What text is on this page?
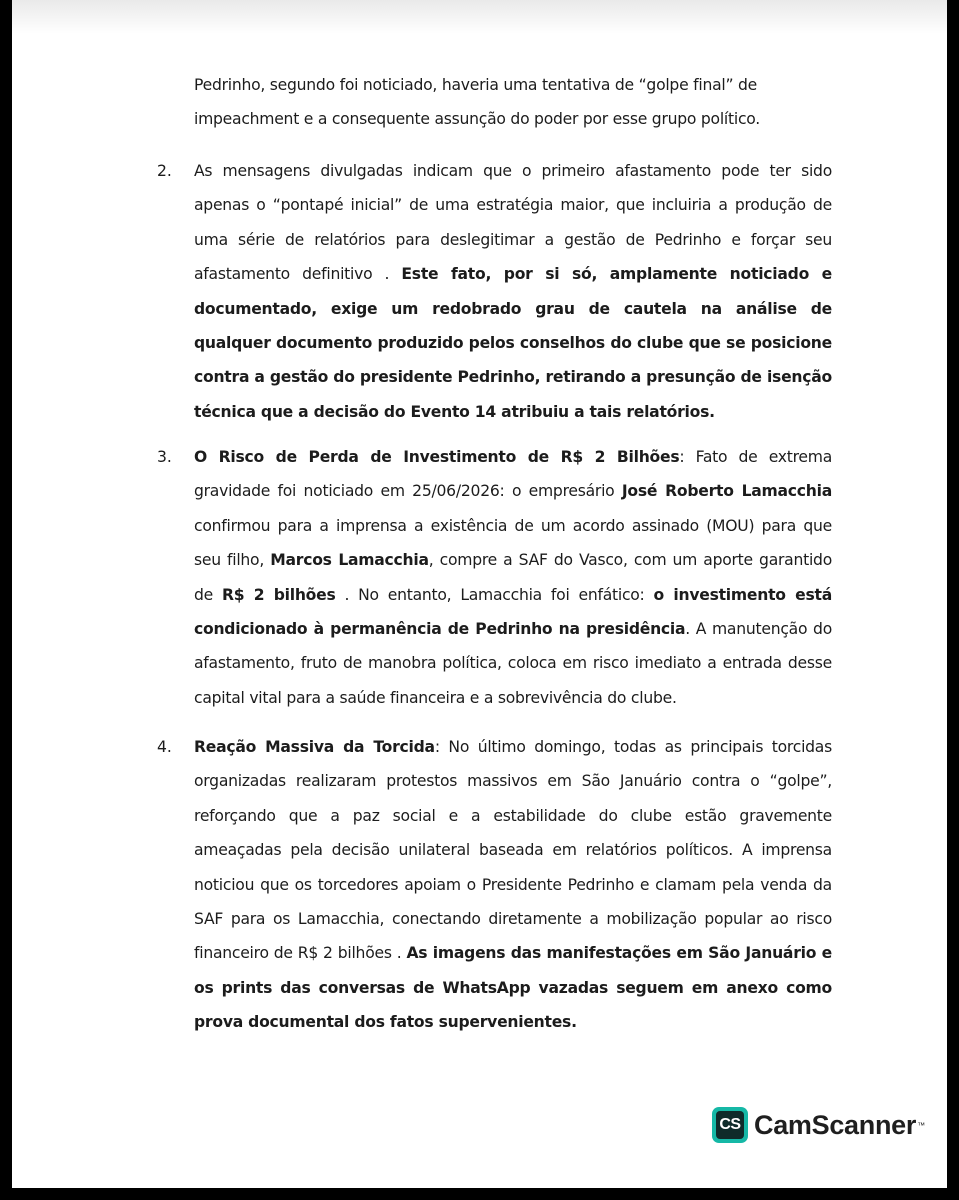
Pedrinho, segundo foi noticiado, haveria uma tentativa de “golpe final” de
impeachment e a consequente assunção do poder por esse grupo político.

2. As mensagens divulgadas indicam que o primeiro afastamento pode ter sido apenas o “pontapé inicial” de uma estratégia maior, que incluiria a produção de uma série de relatórios para deslegitimar a gestão de Pedrinho e forçar seu afastamento definitivo . Este fato, por si só, amplamente noticiado e documentado, exige um redobrado grau de cautela na análise de qualquer documento produzido pelos conselhos do clube que se posicione contra a gestão do presidente Pedrinho, retirando a presunção de isenção técnica que a decisão do Evento 14 atribuiu a tais relatórios.

3. O Risco de Perda de Investimento de R$ 2 Bilhões: Fato de extrema gravidade foi noticiado em 25/06/2026: o empresário José Roberto Lamacchia confirmou para a imprensa a existência de um acordo assinado (MOU) para que seu filho, Marcos Lamacchia, compre a SAF do Vasco, com um aporte garantido de R$ 2 bilhões . No entanto, Lamacchia foi enfático: o investimento está condicionado à permanência de Pedrinho na presidência. A manutenção do afastamento, fruto de manobra política, coloca em risco imediato a entrada desse capital vital para a saúde financeira e a sobrevivência do clube.

4. Reação Massiva da Torcida: No último domingo, todas as principais torcidas organizadas realizaram protestos massivos em São Januário contra o “golpe”, reforçando que a paz social e a estabilidade do clube estão gravemente ameaçadas pela decisão unilateral baseada em relatórios políticos. A imprensa noticiou que os torcedores apoiam o Presidente Pedrinho e clamam pela venda da SAF para os Lamacchia, conectando diretamente a mobilização popular ao risco financeiro de R$ 2 bilhões . As imagens das manifestações em São Januário e os prints das conversas de WhatsApp vazadas seguem em anexo como prova documental dos fatos supervenientes.

CS CamScanner ™
